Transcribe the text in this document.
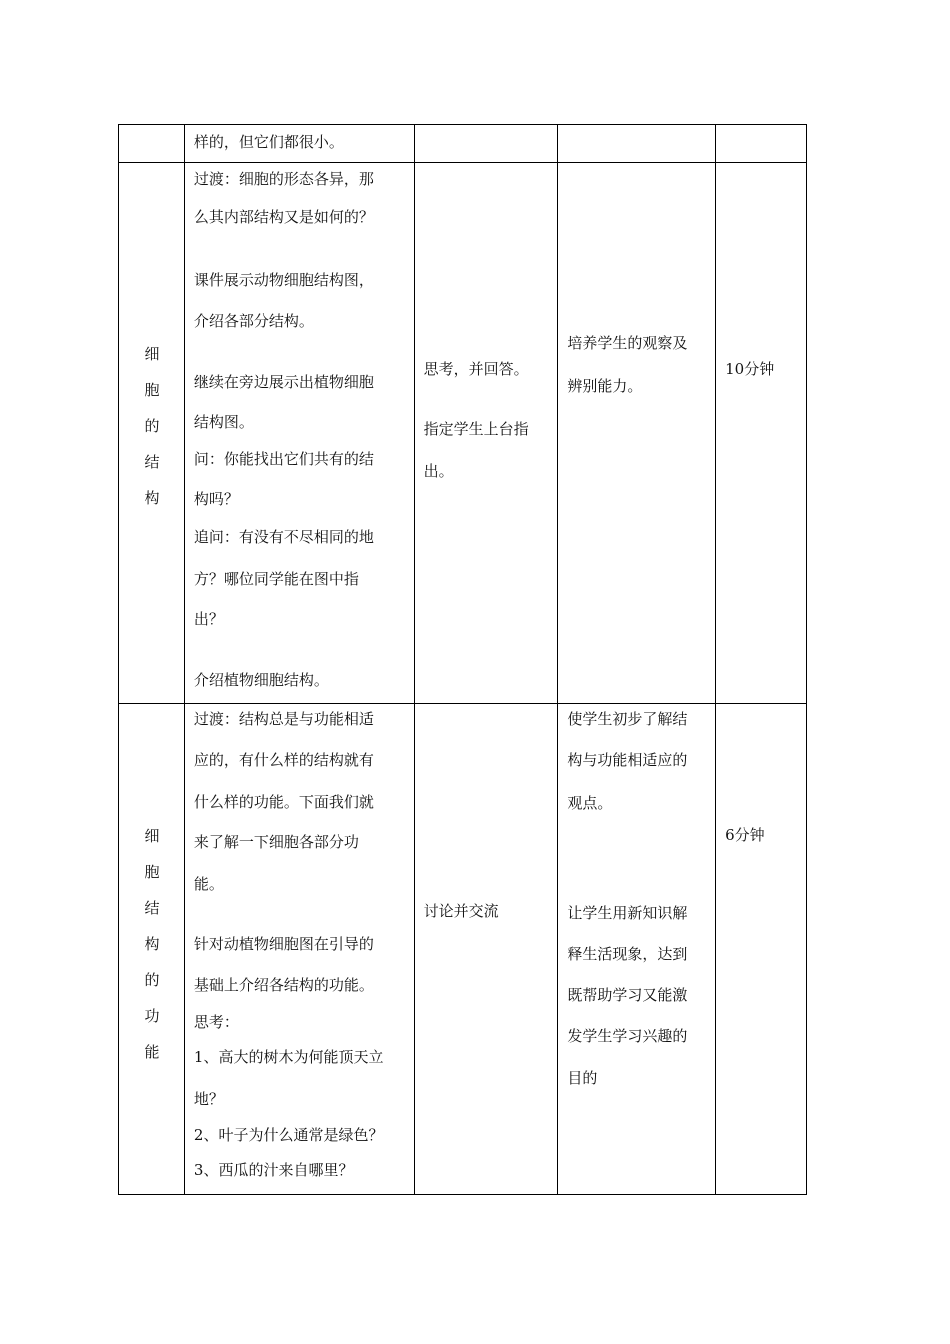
样的，但它们都很小。
细
胞
的
结
构
过渡：细胞的形态各异，那
么其内部结构又是如何的？
课件展示动物细胞结构图，
介绍各部分结构。
继续在旁边展示出植物细胞
结构图。
问：你能找出它们共有的结
构吗？
追问：有没有不尽相同的地
方？哪位同学能在图中指
出？
介绍植物细胞结构。
思考，并回答。
指定学生上台指
出。
培养学生的观察及
辨别能力。
10分钟
细
胞
结
构
的
功
能
过渡：结构总是与功能相适
应的，有什么样的结构就有
什么样的功能。下面我们就
来了解一下细胞各部分功
能。
针对动植物细胞图在引导的
基础上介绍各结构的功能。
思考：
1、高大的树木为何能顶天立
地？
2、叶子为什么通常是绿色？
3、西瓜的汁来自哪里？
讨论并交流
使学生初步了解结
构与功能相适应的
观点。
让学生用新知识解
释生活现象，达到
既帮助学习又能激
发学生学习兴趣的
目的
6分钟
